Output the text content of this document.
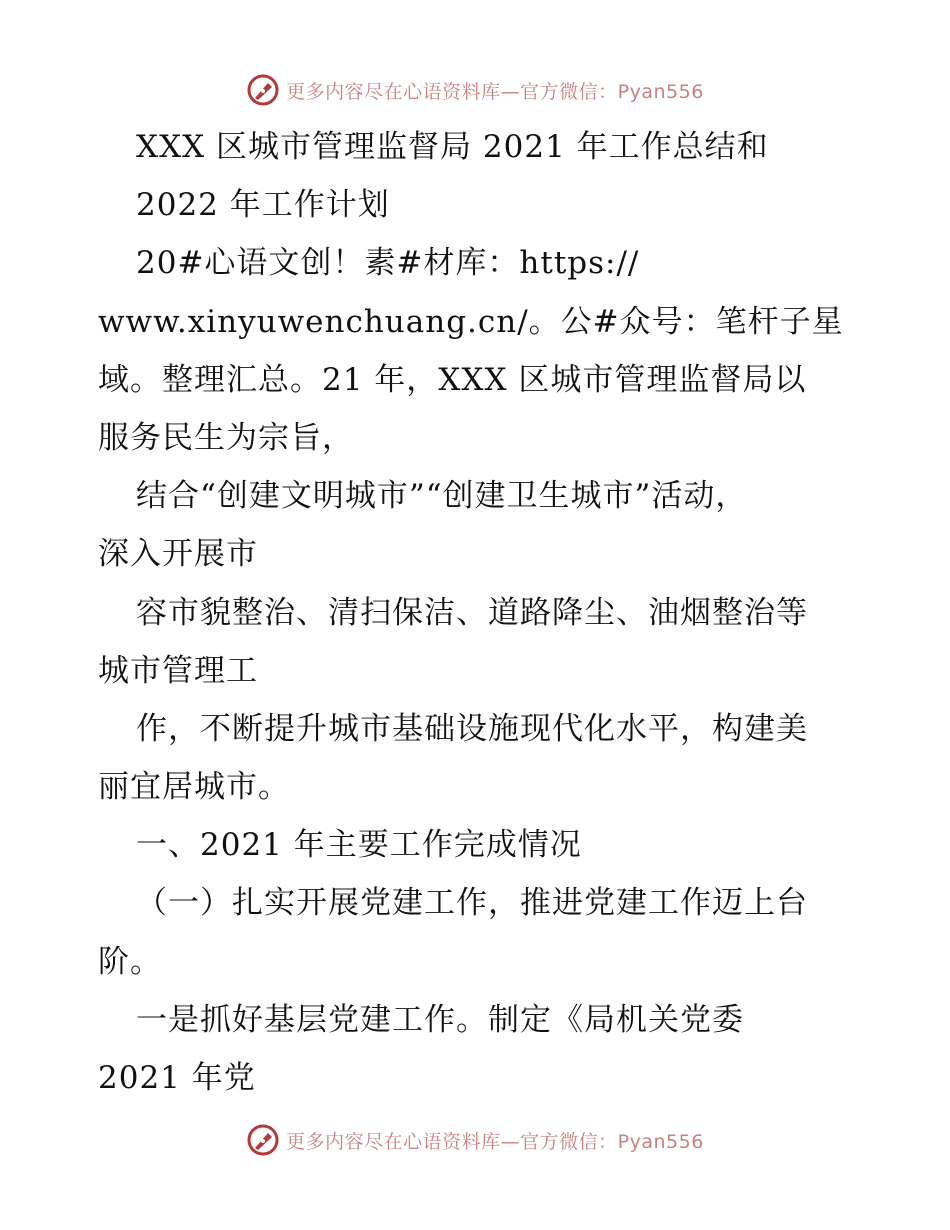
更多内容尽在心语资料库—官方微信：Pyan556
XXX 区城市管理监督局 2021 年工作总结和
2022 年工作计划
20#心语文创！素#材库：https://
www.xinyuwenchuang.cn/。公#众号：笔杆子星
域。整理汇总。21 年，XXX 区城市管理监督局以
服务民生为宗旨，
结合“创建文明城市”“创建卫生城市”活动，
深入开展市
容市貌整治、清扫保洁、道路降尘、油烟整治等
城市管理工
作，不断提升城市基础设施现代化水平，构建美
丽宜居城市。
一、2021 年主要工作完成情况
（一）扎实开展党建工作，推进党建工作迈上台
阶。
一是抓好基层党建工作。制定《局机关党委
2021 年党
更多内容尽在心语资料库—官方微信：Pyan556
